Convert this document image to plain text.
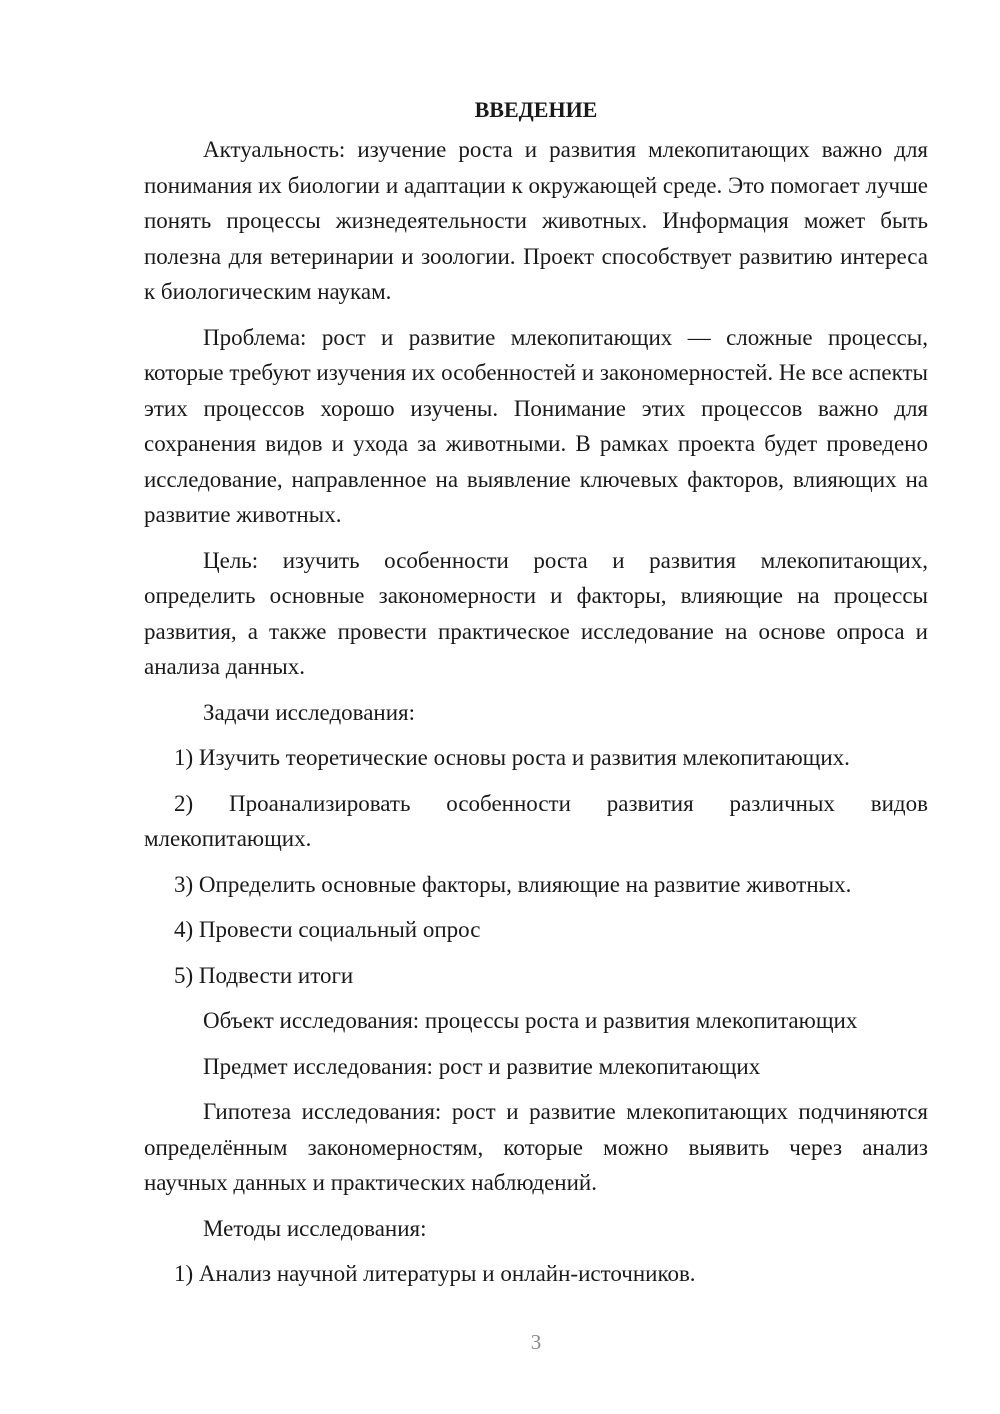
ВВЕДЕНИЕ

Актуальность: изучение роста и развития млекопитающих важно для понимания их биологии и адаптации к окружающей среде. Это помогает лучше понять процессы жизнедеятельности животных. Информация может быть полезна для ветеринарии и зоологии. Проект способствует развитию интереса к биологическим наукам.

Проблема: рост и развитие млекопитающих — сложные процессы, которые требуют изучения их особенностей и закономерностей. Не все аспекты этих процессов хорошо изучены. Понимание этих процессов важно для сохранения видов и ухода за животными. В рамках проекта будет проведено исследование, направленное на выявление ключевых факторов, влияющих на развитие животных.

Цель: изучить особенности роста и развития млекопитающих, определить основные закономерности и факторы, влияющие на процессы развития, а также провести практическое исследование на основе опроса и анализа данных.

Задачи исследования:

1) Изучить теоретические основы роста и развития млекопитающих.

2) Проанализировать особенности развития различных видов млекопитающих.

3) Определить основные факторы, влияющие на развитие животных.

4) Провести социальный опрос

5) Подвести итоги

Объект исследования: процессы роста и развития млекопитающих

Предмет исследования: рост и развитие млекопитающих

Гипотеза исследования: рост и развитие млекопитающих подчиняются определённым закономерностям, которые можно выявить через анализ научных данных и практических наблюдений.

Методы исследования:

1) Анализ научной литературы и онлайн-источников.

3
